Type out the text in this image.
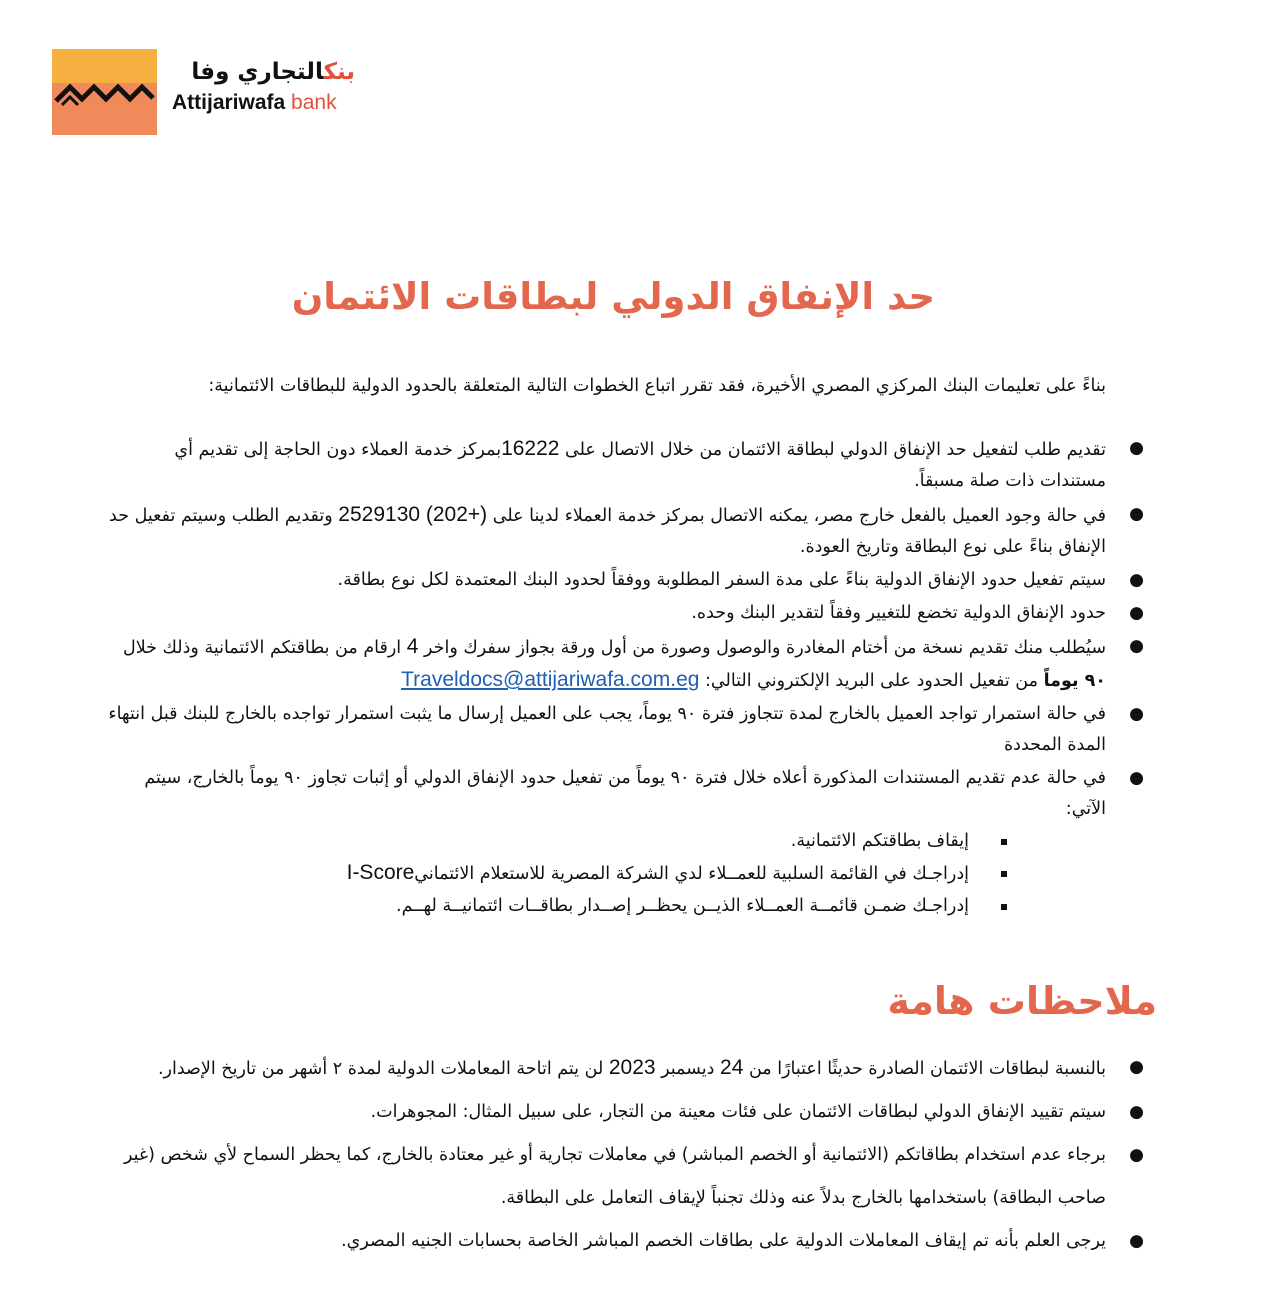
بنكالتجاري وفا
Attijariwafa bank
حد الإنفاق الدولي لبطاقات الائتمان
بناءً على تعليمات البنك المركزي المصري الأخيرة، فقد تقرر اتباع الخطوات التالية المتعلقة بالحدود الدولية للبطاقات الائتمانية:
●
تقديم طلب لتفعيل حد الإنفاق الدولي لبطاقة الائتمان من خلال الاتصال على 16222بمركز خدمة العملاء دون الحاجة إلى تقديم أي مستندات ذات صلة مسبقاً.
●
في حالة وجود العميل بالفعل خارج مصر، يمكنه الاتصال بمركز خدمة العملاء لدينا على 2529130 (202+) وتقديم الطلب وسيتم تفعيل حد الإنفاق بناءً على نوع البطاقة وتاريخ العودة.
●
سيتم تفعيل حدود الإنفاق الدولية بناءً على مدة السفر المطلوبة ووفقاً لحدود البنك المعتمدة لكل نوع بطاقة.
●
حدود الإنفاق الدولية تخضع للتغيير وفقاً لتقدير البنك وحده.
●
سيُطلب منك تقديم نسخة من أختام المغادرة والوصول وصورة من أول ورقة بجواز سفرك واخر 4 ارقام من بطاقتكم الائتمانية وذلك خلال ٩٠ يوماً من تفعيل الحدود على البريد الإلكتروني التالي: Traveldocs@attijariwafa.com.eg
●
في حالة استمرار تواجد العميل بالخارج لمدة تتجاوز فترة ٩٠ يوماً، يجب على العميل إرسال ما يثبت استمرار تواجده بالخارج للبنك قبل انتهاء المدة المحددة
●
في حالة عدم تقديم المستندات المذكورة أعلاه خلال فترة ٩٠ يوماً من تفعيل حدود الإنفاق الدولي أو إثبات تجاوز ٩٠ يوماً بالخارج، سيتم الآتي:
إيقاف بطاقتكم الائتمانية.
إدراجـك في القائمة السلبية للعمــلاء لدي الشركة المصرية للاستعلام الائتمانيI-Score
إدراجـك ضمـن قائمــة العمــلاء الذيــن يحظــر إصــدار بطاقــات ائتمانيــة لهــم.
ملاحظات هامة
●
بالنسبة لبطاقات الائتمان الصادرة حديثًا اعتبارًا من 24 ديسمبر 2023 لن يتم اتاحة المعاملات الدولية لمدة ٢ أشهر من تاريخ الإصدار.
●
سيتم تقييد الإنفاق الدولي لبطاقات الائتمان على فئات معينة من التجار، على سبيل المثال: المجوهرات.
●
برجاء عدم استخدام بطاقاتكم (الائتمانية أو الخصم المباشر) في معاملات تجارية أو غير معتادة بالخارج، كما يحظر السماح لأي شخص (غير صاحب البطاقة) باستخدامها بالخارج بدلاً عنه وذلك تجنباً لإيقاف التعامل على البطاقة.
●
يرجى العلم بأنه تم إيقاف المعاملات الدولية على بطاقات الخصم المباشر الخاصة بحسابات الجنيه المصري.
